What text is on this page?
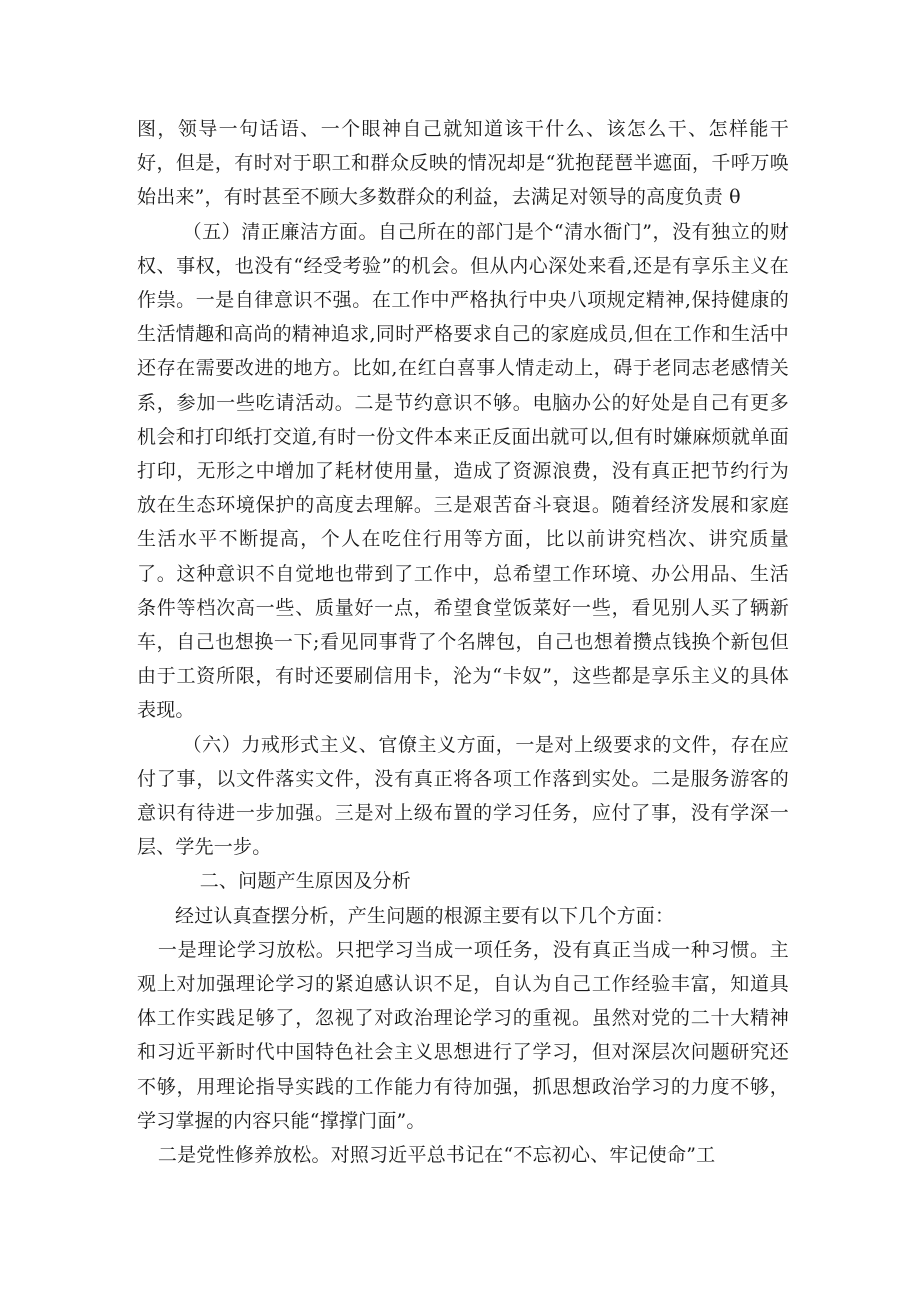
图，领导一句话语、一个眼神自己就知道该干什么、该怎么干、怎样能干好，但是，有时对于职工和群众反映的情况却是“犹抱琵琶半遮面，千呼万唤始出来”，有时甚至不顾大多数群众的利益，去满足对领导的高度负责 θ

（五）清正廉洁方面。自己所在的部门是个“清水衙门”，没有独立的财权、事权，也没有“经受考验”的机会。但从内心深处来看,还是有享乐主义在作祟。一是自律意识不强。在工作中严格执行中央八项规定精神,保持健康的生活情趣和高尚的精神追求,同时严格要求自己的家庭成员,但在工作和生活中还存在需要改进的地方。比如,在红白喜事人情走动上，碍于老同志老感情关系，参加一些吃请活动。二是节约意识不够。电脑办公的好处是自己有更多机会和打印纸打交道,有时一份文件本来正反面出就可以,但有时嫌麻烦就单面打印，无形之中增加了耗材使用量，造成了资源浪费，没有真正把节约行为放在生态环境保护的高度去理解。三是艰苦奋斗衰退。随着经济发展和家庭生活水平不断提高，个人在吃住行用等方面，比以前讲究档次、讲究质量了。这种意识不自觉地也带到了工作中，总希望工作环境、办公用品、生活条件等档次高一些、质量好一点，希望食堂饭菜好一些，看见别人买了辆新车，自己也想换一下;看见同事背了个名牌包，自己也想着攒点钱换个新包但由于工资所限，有时还要刷信用卡，沦为“卡奴”，这些都是享乐主义的具体表现。

（六）力戒形式主义、官僚主义方面，一是对上级要求的文件，存在应付了事，以文件落实文件，没有真正将各项工作落到实处。二是服务游客的意识有待进一步加强。三是对上级布置的学习任务，应付了事，没有学深一层、学先一步。

二、问题产生原因及分析

经过认真查摆分析，产生问题的根源主要有以下几个方面：

一是理论学习放松。只把学习当成一项任务，没有真正当成一种习惯。主观上对加强理论学习的紧迫感认识不足，自认为自己工作经验丰富，知道具体工作实践足够了，忽视了对政治理论学习的重视。虽然对党的二十大精神和习近平新时代中国特色社会主义思想进行了学习，但对深层次问题研究还不够，用理论指导实践的工作能力有待加强，抓思想政治学习的力度不够，学习掌握的内容只能“撑撑门面”。

二是党性修养放松。对照习近平总书记在“不忘初心、牢记使命”工
